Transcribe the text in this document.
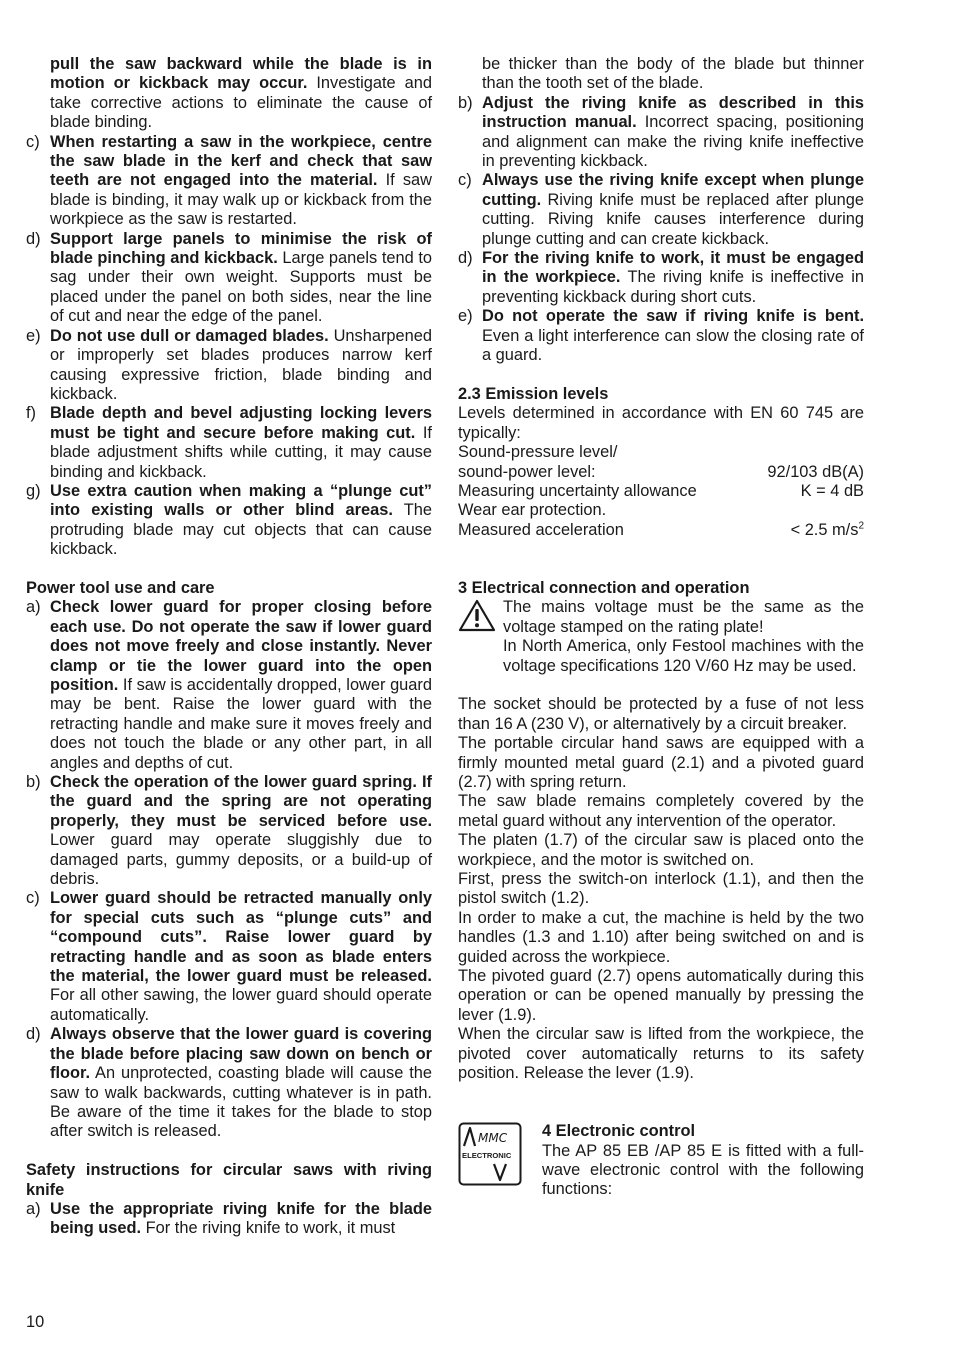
pull the saw backward while the blade is in motion or kickback may occur. Investigate and take corrective actions to eliminate the cause of blade binding.

c) When restarting a saw in the workpiece, centre the saw blade in the kerf and check that saw teeth are not engaged into the material. If saw blade is binding, it may walk up or kickback from the workpiece as the saw is restarted.
d) Support large panels to minimise the risk of blade pinching and kickback. Large panels tend to sag under their own weight. Supports must be placed under the panel on both sides, near the line of cut and near the edge of the panel.
e) Do not use dull or damaged blades. Unsharpened or improperly set blades produces narrow kerf causing expressive friction, blade binding and kickback.
f) Blade depth and bevel adjusting locking levers must be tight and secure before making cut. If blade adjustment shifts while cutting, it may cause binding and kickback.
g) Use extra caution when making a “plunge cut” into existing walls or other blind areas. The protruding blade may cut objects that can cause kickback.

Power tool use and care

a) Check lower guard for proper closing before each use. Do not operate the saw if lower guard does not move freely and close instantly. Never clamp or tie the lower guard into the open position. If saw is accidentally dropped, lower guard may be bent. Raise the lower guard with the retracting handle and make sure it moves freely and does not touch the blade or any other part, in all angles and depths of cut.
b) Check the operation of the lower guard spring. If the guard and the spring are not operating properly, they must be serviced before use. Lower guard may operate sluggishly due to damaged parts, gummy deposits, or a build-up of debris.
c) Lower guard should be retracted manually only for special cuts such as “plunge cuts” and “compound cuts”. Raise lower guard by retracting handle and as soon as blade enters the material, the lower guard must be released. For all other sawing, the lower guard should operate automatically.
d) Always observe that the lower guard is covering the blade before placing saw down on bench or floor. An unprotected, coasting blade will cause the saw to walk backwards, cutting whatever is in path. Be aware of the time it takes for the blade to stop after switch is released.

Safety instructions for circular saws with riving knife

a) Use the appropriate riving knife for the blade being used. For the riving knife to work, it must

be thicker than the body of the blade but thinner than the tooth set of the blade.

b) Adjust the riving knife as described in this instruction manual. Incorrect spacing, positioning and alignment can make the riving knife ineffective in preventing kickback.
c) Always use the riving knife except when plunge cutting. Riving knife must be replaced after plunge cutting. Riving knife causes interference during plunge cutting and can create kickback.
d) For the riving knife to work, it must be engaged in the workpiece. The riving knife is ineffective in preventing kickback during short cuts.
e) Do not operate the saw if riving knife is bent. Even a light interference can slow the closing rate of a guard.

2.3 Emission levels

Levels determined in accordance with EN 60 745 are typically:

Sound-pressure level/

sound-power level:	92/103 dB(A)
Measuring uncertainty allowance	K = 4 dB

Wear ear protection.

Measured acceleration	< 2.5 $m/s^2$

3 Electrical connection and operation

The mains voltage must be the same as the voltage stamped on the rating plate!

In North America, only Festool machines with the voltage specifications 120 V/60 Hz may be used.

The socket should be protected by a fuse of not less than 16 A (230 V), or alternatively by a circuit breaker.

The portable circular hand saws are equipped with a firmly mounted metal guard (2.1) and a pivoted guard (2.7) with spring return.

The saw blade remains completely covered by the metal guard without any intervention of the operator.

The platen (1.7) of the circular saw is placed onto the workpiece, and the motor is switched on.

First, press the switch-on interlock (1.1), and then the pistol switch (1.2).

In order to make a cut, the machine is held by the two handles (1.3 and 1.10) after being switched on and is guided across the workpiece.

The pivoted guard (2.7) opens automatically during this operation or can be opened manually by pressing the lever (1.9).

When the circular saw is lifted from the workpiece, the pivoted cover automatically returns to its safety position. Release the lever (1.9).

MMC
ELECTRONIC

4 Electronic control

The AP 85 EB /AP 85 E is fitted with a full-wave electronic control with the following functions:

10
